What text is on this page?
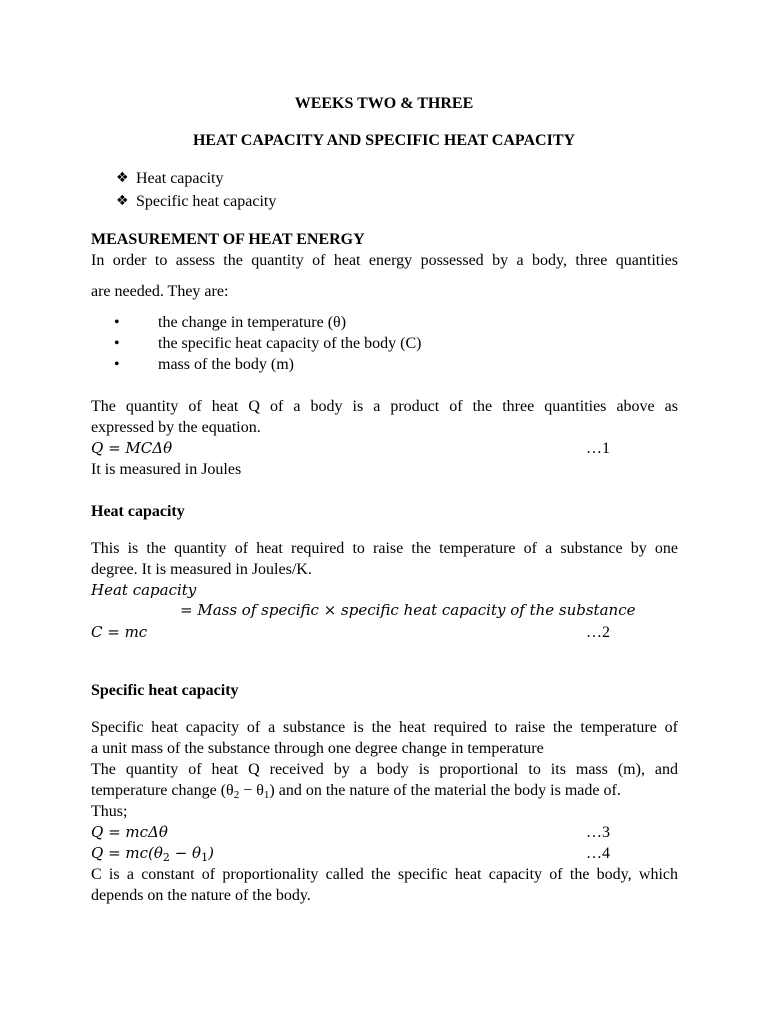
WEEKS TWO & THREE
HEAT CAPACITY AND SPECIFIC HEAT CAPACITY
❖ Heat capacity
❖ Specific heat capacity
MEASUREMENT OF HEAT ENERGY
In order to assess the quantity of heat energy possessed by a body, three quantities
are needed. They are:
• the change in temperature (θ)
• the specific heat capacity of the body (C)
• mass of the body (m)
The quantity of heat Q of a body is a product of the three quantities above as
expressed by the equation.
Q = MCΔθ	…1
It is measured in Joules
Heat capacity
This is the quantity of heat required to raise the temperature of a substance by one
degree. It is measured in Joules/K.
Heat capacity
= Mass of specific × specific heat capacity of the substance
C = mc	…2
Specific heat capacity
Specific heat capacity of a substance is the heat required to raise the temperature of
a unit mass of the substance through one degree change in temperature
The quantity of heat Q received by a body is proportional to its mass (m), and
temperature change $(\theta_2 - \theta_1)$ and on the nature of the material the body is made of.
Thus;
Q = mcΔθ	…3
$Q = mc(\theta_2 - \theta_1)$	…4
C is a constant of proportionality called the specific heat capacity of the body, which
depends on the nature of the body.
